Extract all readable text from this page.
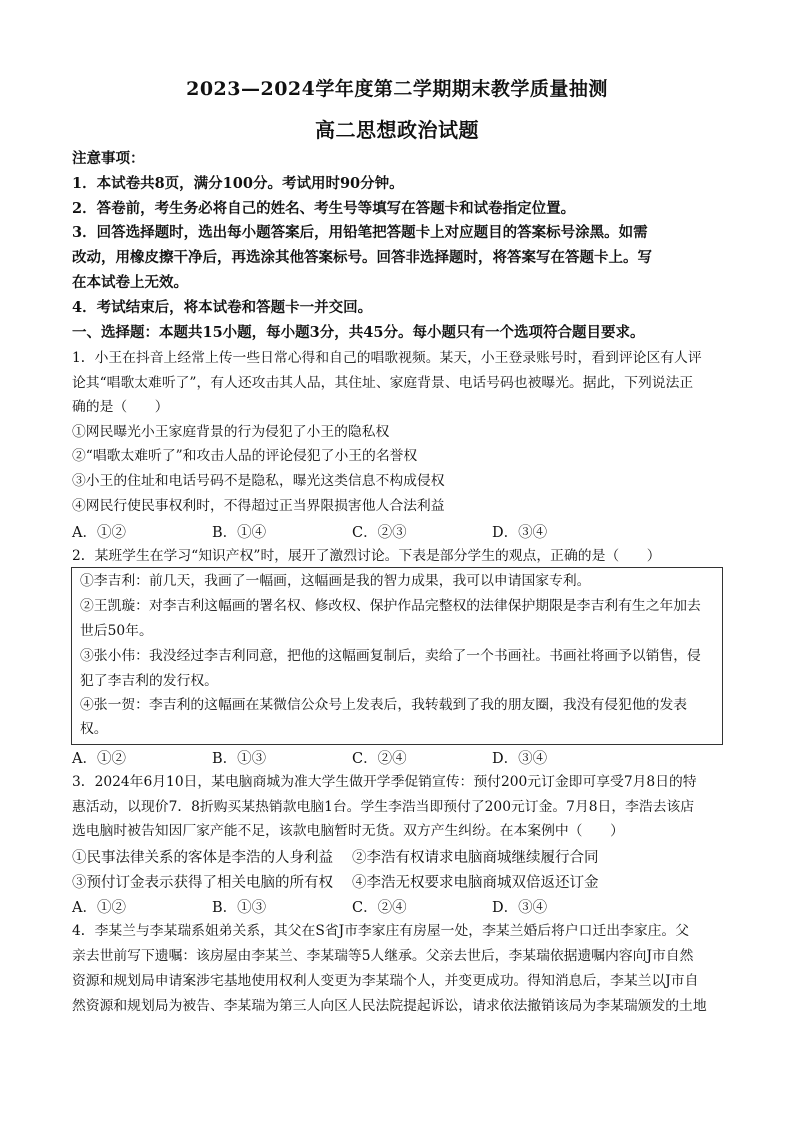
2023—2024学年度第二学期期末教学质量抽测
高二思想政治试题
注意事项：
1．本试卷共8页，满分100分。考试用时90分钟。
2．答卷前，考生务必将自己的姓名、考生号等填写在答题卡和试卷指定位置。
3．回答选择题时，选出每小题答案后，用铅笔把答题卡上对应题目的答案标号涂黑。如需
改动，用橡皮擦干净后，再选涂其他答案标号。回答非选择题时，将答案写在答题卡上。写
在本试卷上无效。
4．考试结束后，将本试卷和答题卡一并交回。
一、选择题：本题共15小题，每小题3分，共45分。每小题只有一个选项符合题目要求。
1．小王在抖音上经常上传一些日常心得和自己的唱歌视频。某天，小王登录账号时，看到评论区有人评
论其“唱歌太难听了”，有人还攻击其人品，其住址、家庭背景、电话号码也被曝光。据此，下列说法正
确的是（　　）
①网民曝光小王家庭背景的行为侵犯了小王的隐私权
②“唱歌太难听了”和攻击人品的评论侵犯了小王的名誉权
③小王的住址和电话号码不是隐私，曝光这类信息不构成侵权
④网民行使民事权利时，不得超过正当界限损害他人合法利益
A．①②	B．①④	C．②③	D．③④
2．某班学生在学习“知识产权”时，展开了激烈讨论。下表是部分学生的观点，正确的是（　　）
①李吉利：前几天，我画了一幅画，这幅画是我的智力成果，我可以申请国家专利。
②王凯璇：对李吉利这幅画的署名权、修改权、保护作品完整权的法律保护期限是李吉利有生之年加去
世后50年。
③张小伟：我没经过李吉利同意，把他的这幅画复制后，卖给了一个书画社。书画社将画予以销售，侵
犯了李吉利的发行权。
④张一贺：李吉利的这幅画在某微信公众号上发表后，我转载到了我的朋友圈，我没有侵犯他的发表
权。
A．①②	B．①③	C．②④	D．③④
3．2024年6月10日，某电脑商城为准大学生做开学季促销宣传：预付200元订金即可享受7月8日的特
惠活动，以现价7．8折购买某热销款电脑1台。学生李浩当即预付了200元订金。7月8日，李浩去该店
选电脑时被告知因厂家产能不足，该款电脑暂时无货。双方产生纠纷。在本案例中（　　）
①民事法律关系的客体是李浩的人身利益 ②李浩有权请求电脑商城继续履行合同
③预付订金表示获得了相关电脑的所有权 ④李浩无权要求电脑商城双倍返还订金
A．①②	B．①③	C．②④	D．③④
4．李某兰与李某瑞系姐弟关系，其父在S省J市李家庄有房屋一处，李某兰婚后将户口迁出李家庄。父
亲去世前写下遗嘱：该房屋由李某兰、李某瑞等5人继承。父亲去世后，李某瑞依据遗嘱内容向J市自然
资源和规划局申请案涉宅基地使用权利人变更为李某瑞个人，并变更成功。得知消息后，李某兰以J市自
然资源和规划局为被告、李某瑞为第三人向区人民法院提起诉讼，请求依法撤销该局为李某瑞颁发的土地
